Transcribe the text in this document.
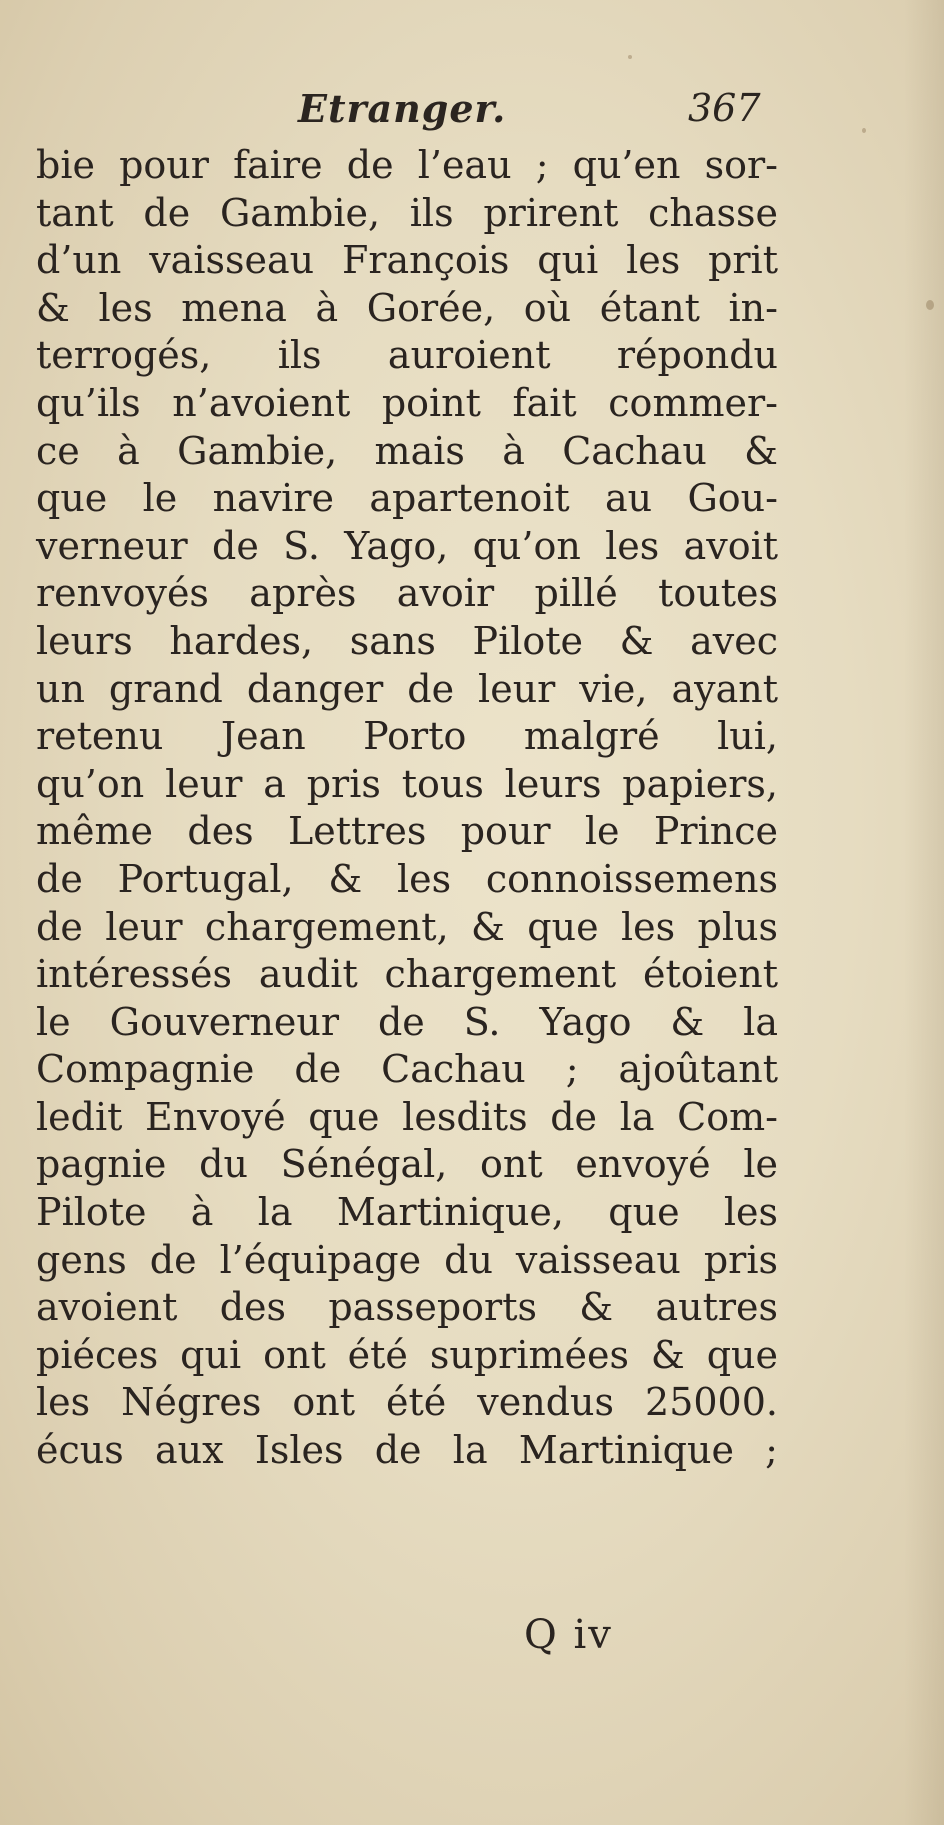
Etranger.	367
bie pour faire de l’eau ; qu’en sor-
tant de Gambie, ils prirent chasse
d’un vaisseau François qui les prit
& les mena à Gorée, où étant in-
terrogés, ils auroient répondu
qu’ils n’avoient point fait commer-
ce à Gambie, mais à Cachau &
que le navire apartenoit au Gou-
verneur de S. Yago, qu’on les avoit
renvoyés après avoir pillé toutes
leurs hardes, sans Pilote & avec
un grand danger de leur vie, ayant
retenu Jean Porto malgré lui,
qu’on leur a pris tous leurs papiers,
même des Lettres pour le Prince
de Portugal, & les connoissemens
de leur chargement, & que les plus
intéressés audit chargement étoient
le Gouverneur de S. Yago & la
Compagnie de Cachau ; ajoûtant
ledit Envoyé que lesdits de la Com-
pagnie du Sénégal, ont envoyé le
Pilote à la Martinique, que les
gens de l’équipage du vaisseau pris
avoient des passeports & autres
piéces qui ont été suprimées & que
les Négres ont été vendus 25000.
écus aux Isles de la Martinique ;
Q iv
